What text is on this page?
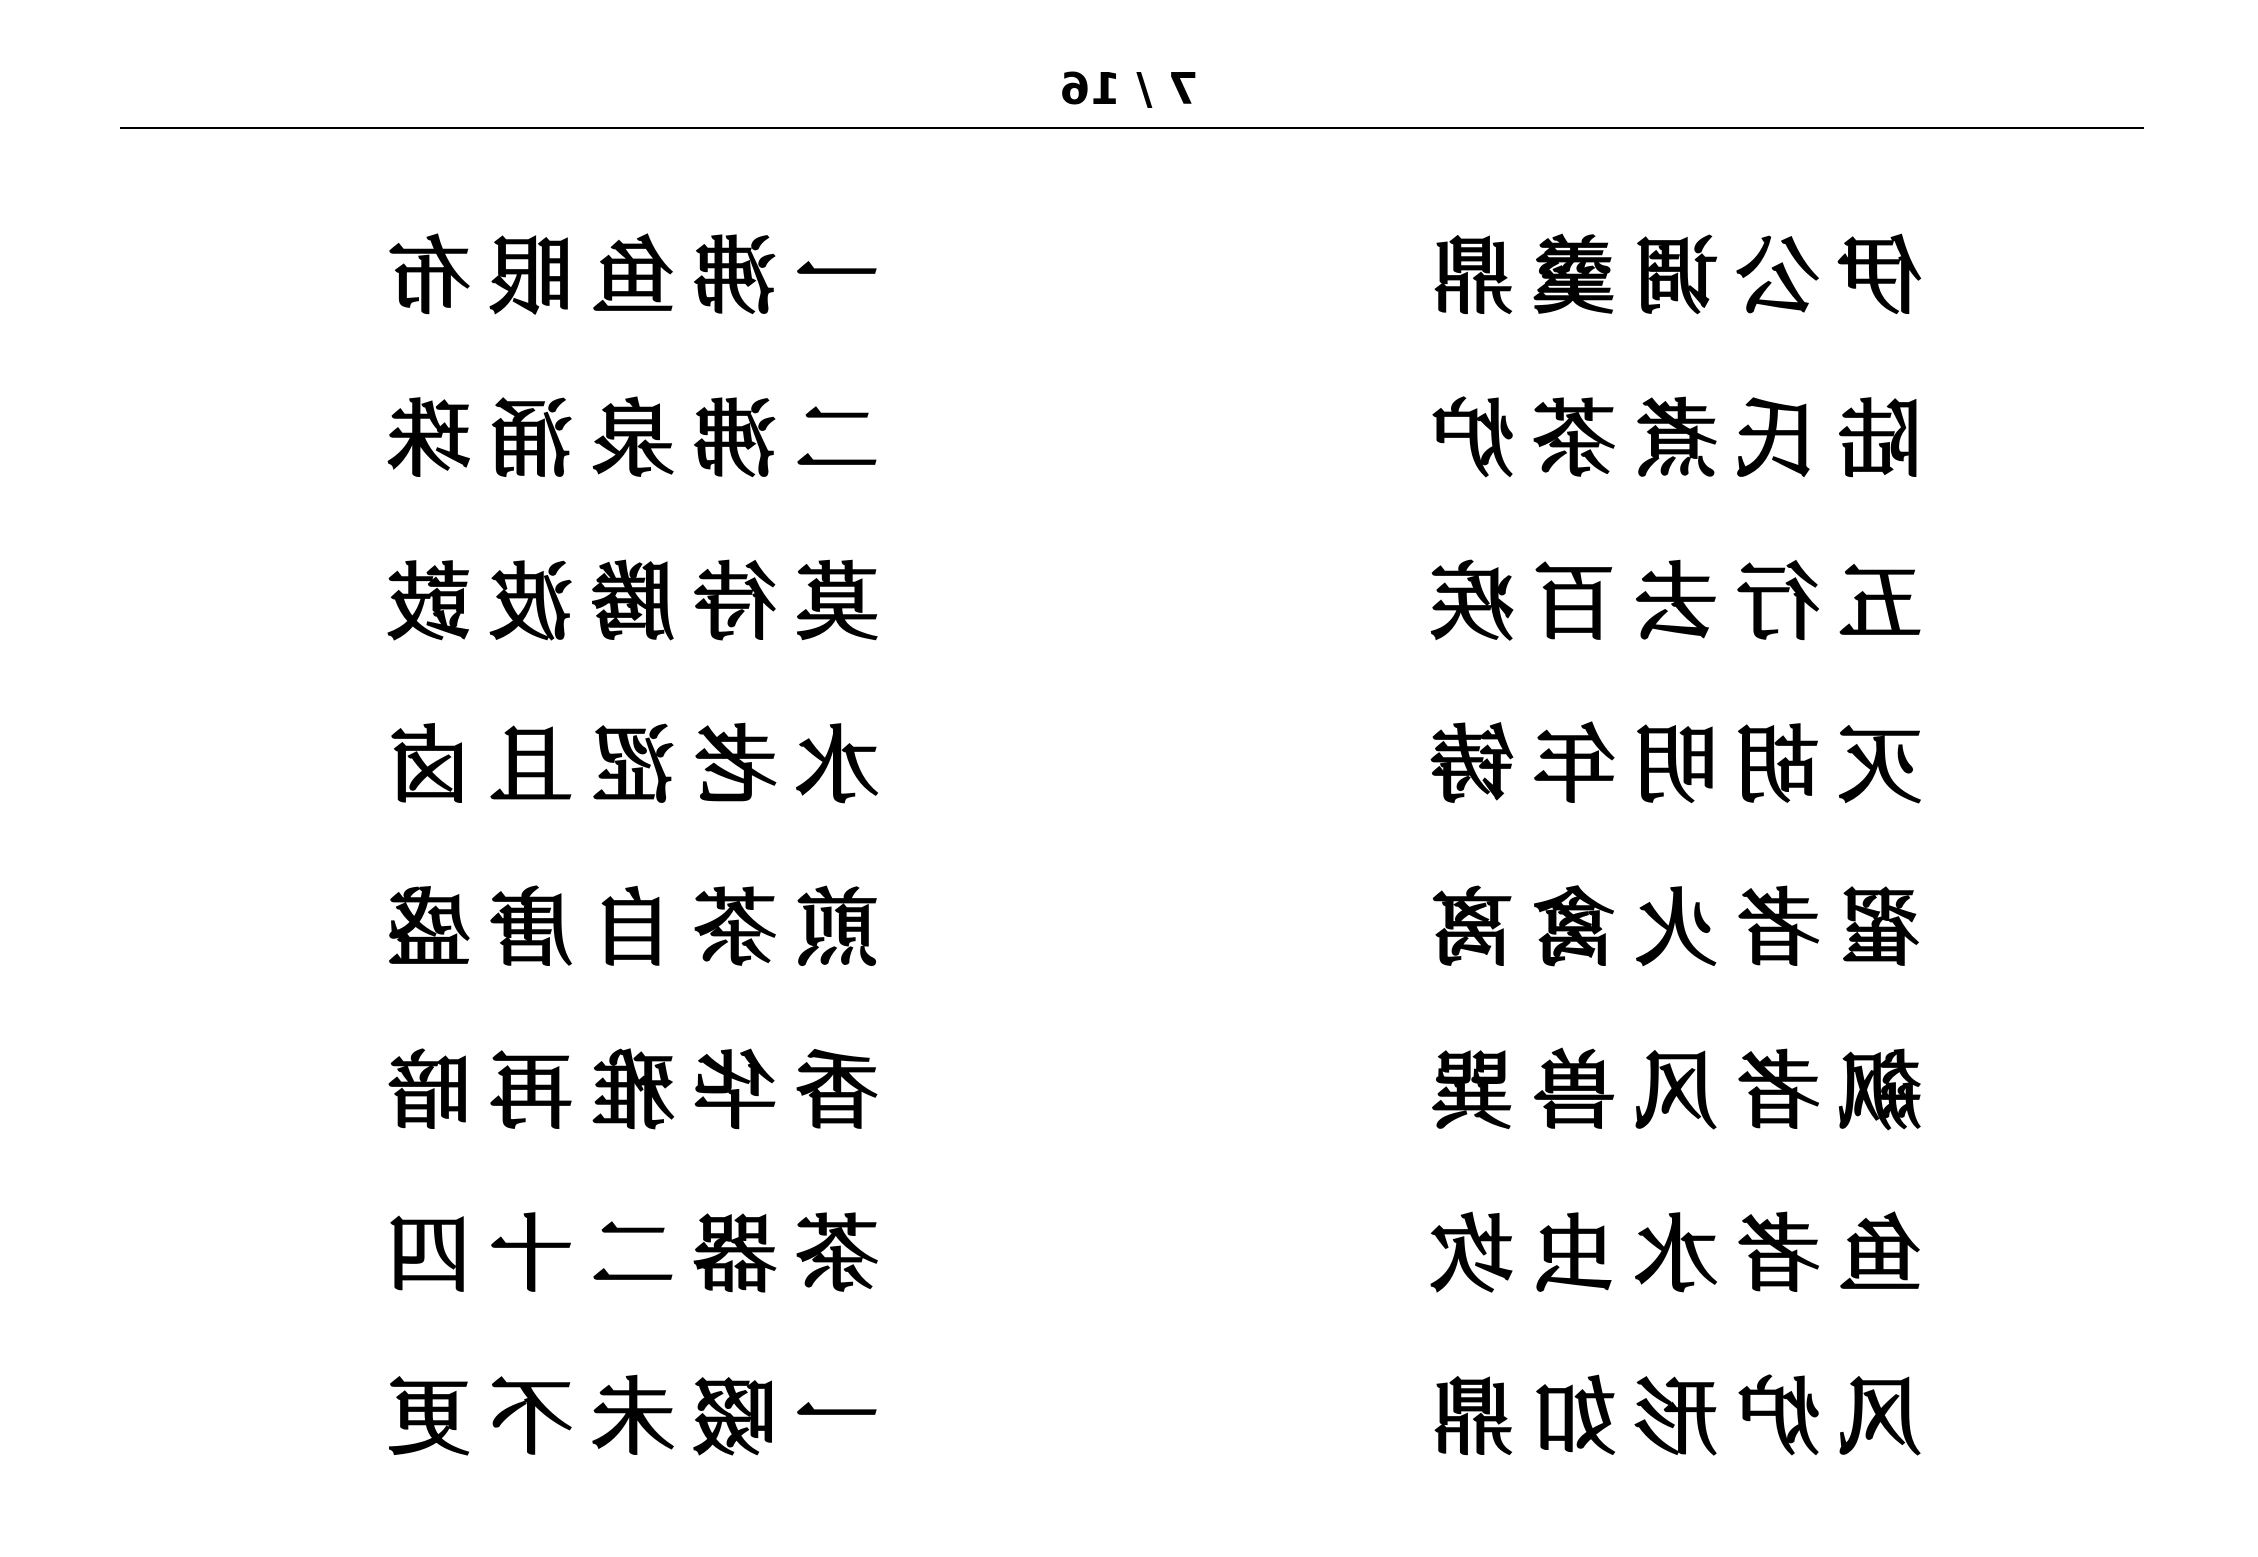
7 / 16
一沸鱼眼布
二沸泉涌珠
莫待腾波鼓
水老涩且卤
煎茶自唐盛
香华雅再暗
茶器二十四
一啜未不更
伊公调羹鼎
陆氏煮茶炉
五行去百疾
灭胡明年铸
翟者火禽离
飙者风兽巽
鱼者水虫坎
风炉形如鼎
